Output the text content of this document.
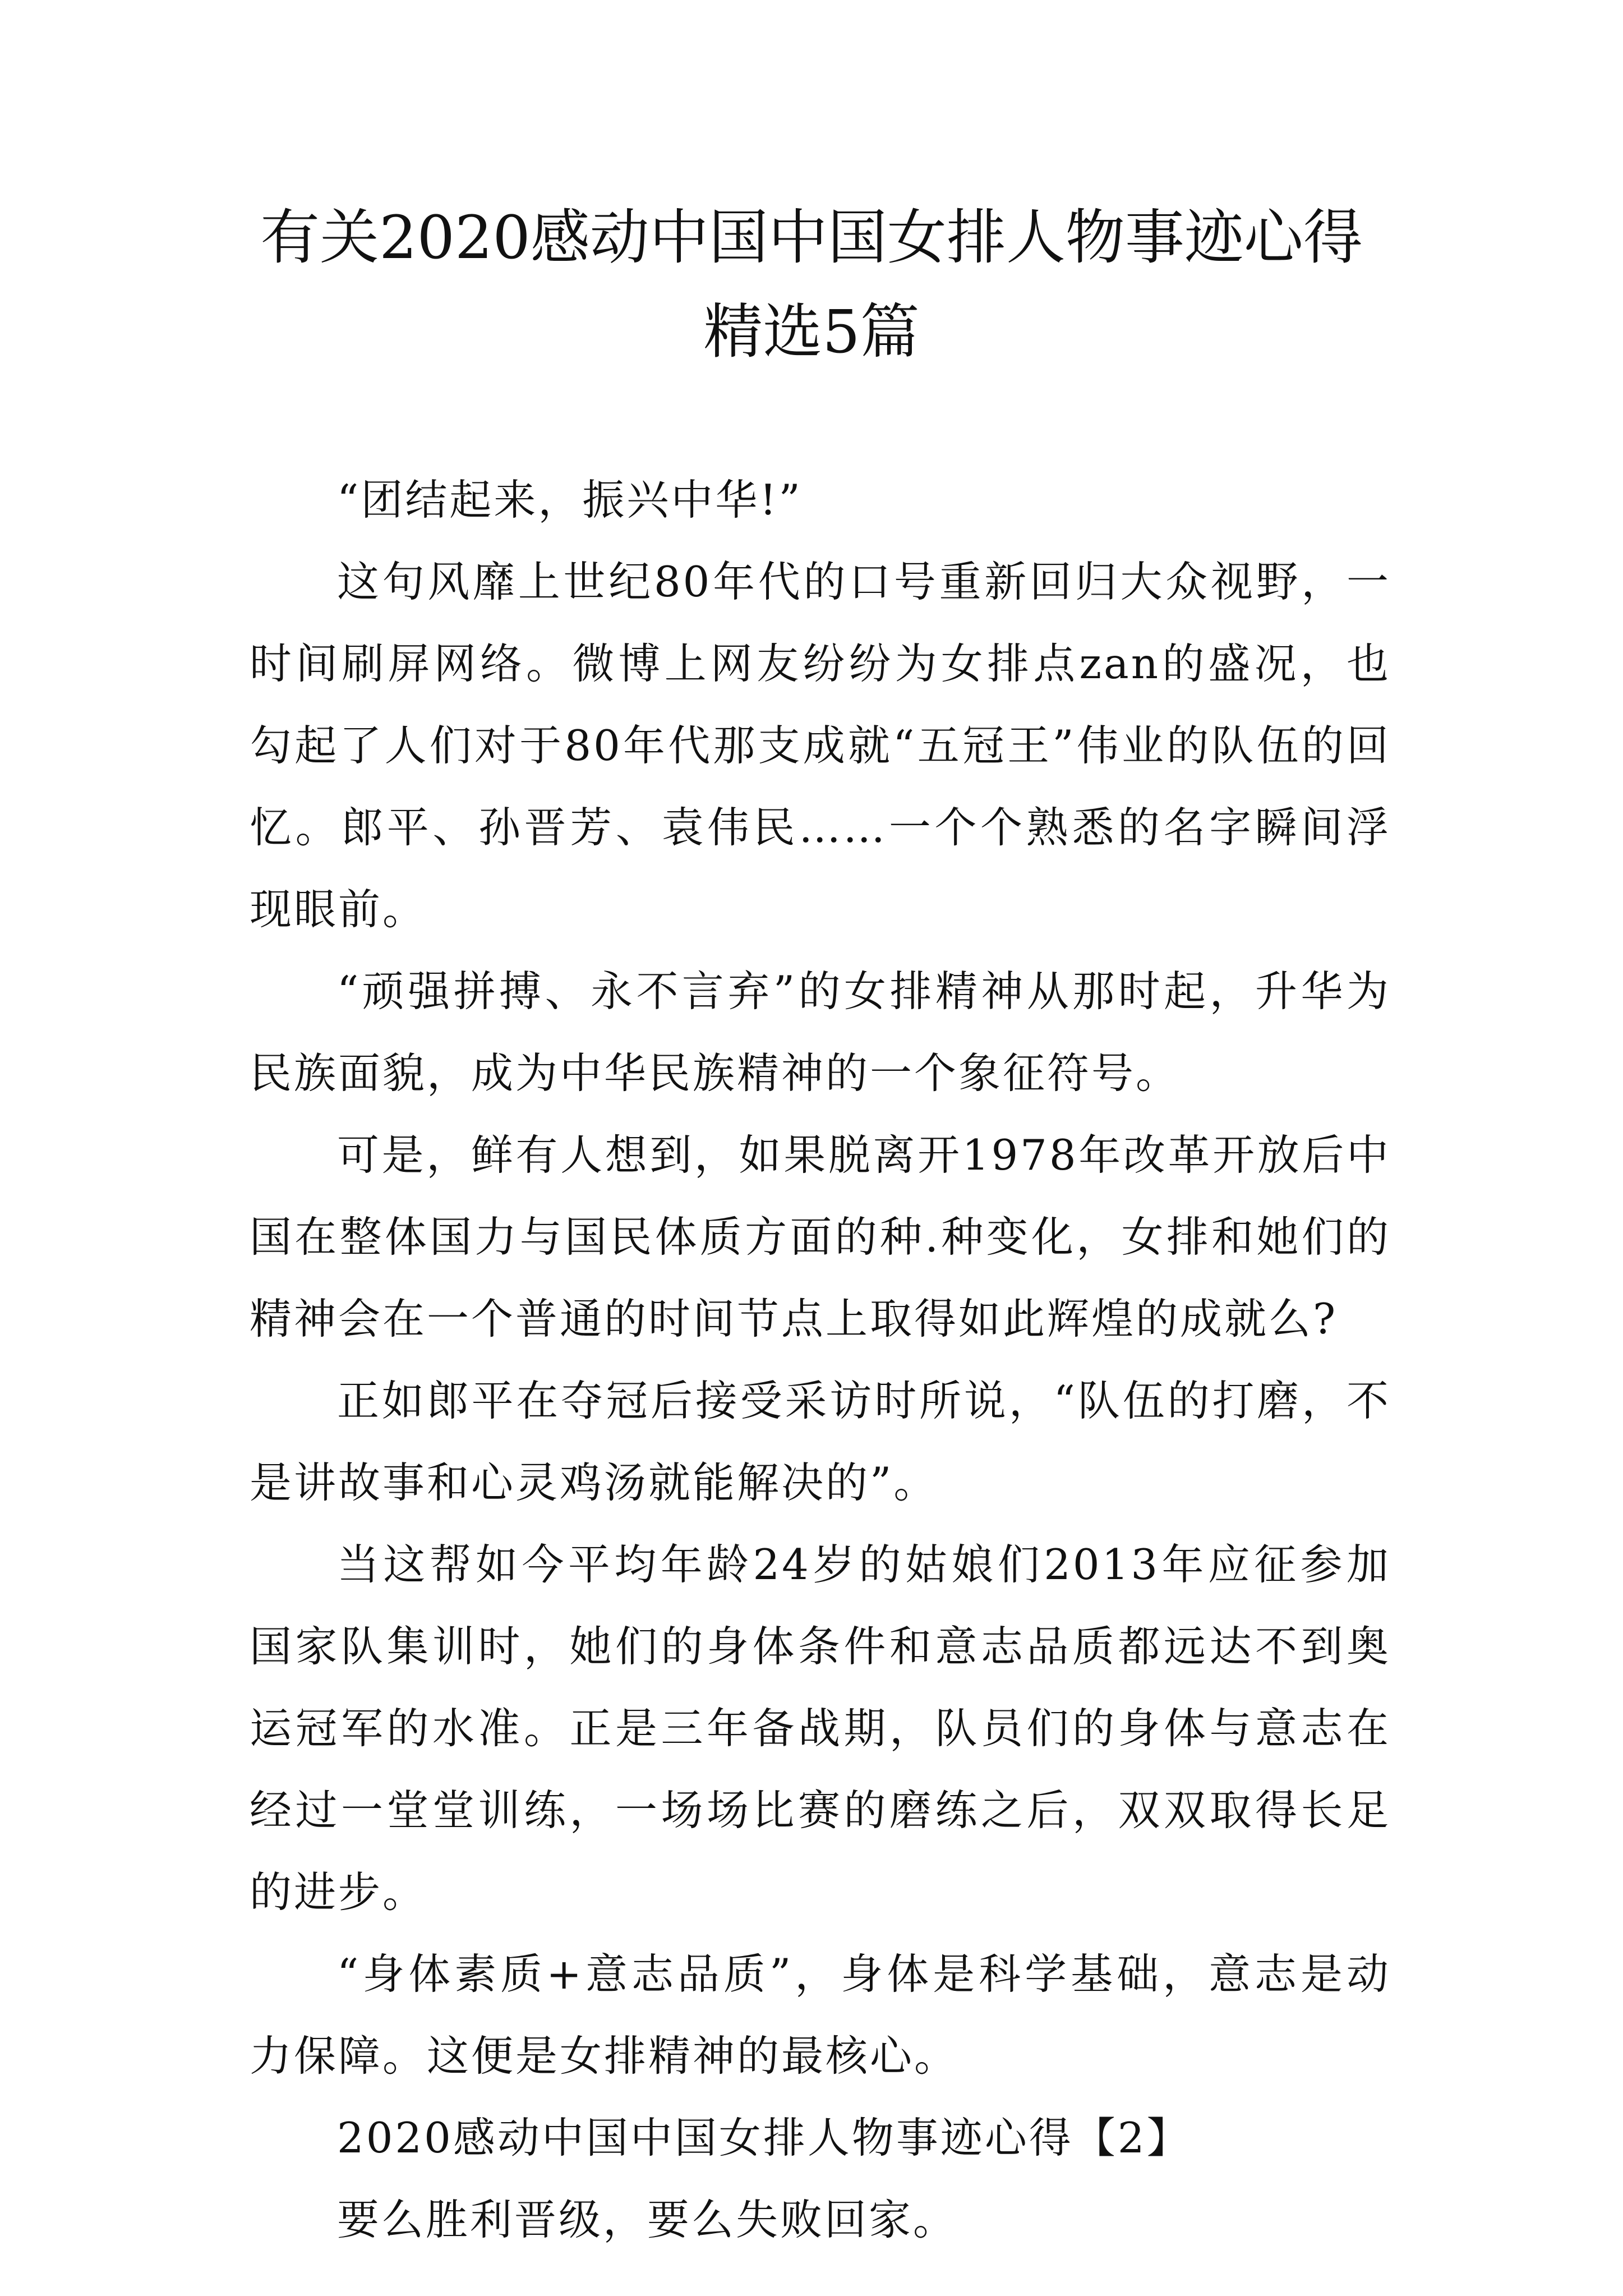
有关2020感动中国中国女排人物事迹心得
精选5篇

“团结起来，振兴中华!”

这句风靡上世纪80年代的口号重新回归大众视野，一时间刷屏网络。微博上网友纷纷为女排点zan的盛况，也勾起了人们对于80年代那支成就“五冠王”伟业的队伍的回忆。郎平、孙晋芳、袁伟民……一个个熟悉的名字瞬间浮现眼前。

“顽强拼搏、永不言弃”的女排精神从那时起，升华为民族面貌，成为中华民族精神的一个象征符号。

可是，鲜有人想到，如果脱离开1978年改革开放后中国在整体国力与国民体质方面的种.种变化，女排和她们的精神会在一个普通的时间节点上取得如此辉煌的成就么?

正如郎平在夺冠后接受采访时所说，“队伍的打磨，不是讲故事和心灵鸡汤就能解决的”。

当这帮如今平均年龄24岁的姑娘们2013年应征参加国家队集训时，她们的身体条件和意志品质都远达不到奥运冠军的水准。正是三年备战期，队员们的身体与意志在经过一堂堂训练，一场场比赛的磨练之后，双双取得长足的进步。

“身体素质+意志品质”，身体是科学基础，意志是动力保障。这便是女排精神的最核心。

2020感动中国中国女排人物事迹心得【2】

要么胜利晋级，要么失败回家。
